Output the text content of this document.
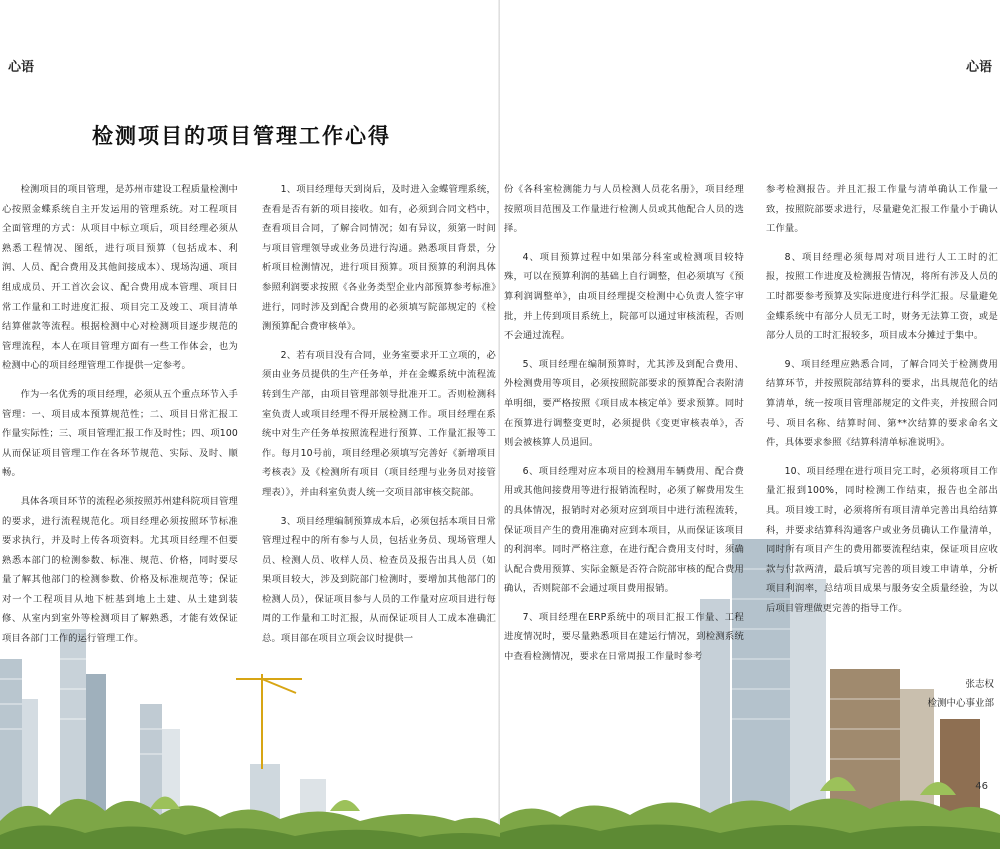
心语
检测项目的项目管理工作心得

检测项目的项目管理，是苏州市建设工程质量检测中心按照金蝶系统自主开发运用的管理系统。对工程项目全面管理的方式：从项目中标立项后，项目经理必须从熟悉工程情况、图纸，进行项目预算（包括成本、利润、人员、配合费用及其他间接成本）、现场沟通、项目组成成员、开工首次会议、配合费用成本管理、项目日常工作量和工时进度汇报、项目完工及竣工、项目清单结算催款等流程。根据检测中心对检测项目逐步规范的管理流程，本人在项目管理方面有一些工作体会，也为检测中心的项目经理管理工作提供一定参考。

作为一名优秀的项目经理，必须从五个重点环节入手管理：一、项目成本预算规范性；二、项目日常汇报工作量实际性；三、项目管理汇报工作及时性；四、项100从而保证项目管理工作在各环节规范、实际、及时、顺畅。

具体各项目环节的流程必须按照苏州建科院项目管理的要求，进行流程规范化。项目经理必须按照环节标准要求执行，并及时上传各项资料。尤其项目经理不但要熟悉本部门的检测参数、标准、规范、价格，同时要尽量了解其他部门的检测参数、价格及标准规范等；保证对一个工程项目从地下桩基到地上土建、从土建到装修、从室内到室外等检测项目了解熟悉，才能有效保证项目各部门工作的运行管理工作。

1、项目经理每天到岗后，及时进入金蝶管理系统，查看是否有新的项目接收。如有，必须到合同文档中，查看项目合同，了解合同情况；如有异议，须第一时间与项目管理领导或业务员进行沟通。熟悉项目背景，分析项目检测情况，进行项目预算。项目预算的利润具体参照利润要求按照《各业务类型企业内部预算参考标准》进行，同时涉及到配合费用的必须填写院部规定的《检测预算配合费审核单》。

2、若有项目没有合同，业务室要求开工立项的，必须由业务员提供的生产任务单，并在金蝶系统中流程流转到生产部，由项目管理部领导批准开工。否则检测科室负责人或项目经理不得开展检测工作。项目经理在系统中对生产任务单按照流程进行预算、工作量汇报等工作。每月10号前，项目经理必须填写完善好《新增项目考核表》及《检测所有项目（项目经理与业务员对接管理表）》，并由科室负责人统一交项目部审核交院部。

3、项目经理编制预算成本后，必须包括本项目日常管理过程中的所有参与人员，包括业务员、现场管理人员、检测人员、收样人员、检查员及报告出具人员（如果项目较大，涉及到院部门检测时，要增加其他部门的检测人员），保证项目参与人员的工作量对应项目进行每周的工作量和工时汇报，从而保证项目人工成本准确汇总。项目部在项目立项会议时提供一

心语

份《各科室检测能力与人员检测人员花名册》，项目经理按照项目范围及工作量进行检测人员或其他配合人员的选择。

4、项目预算过程中如果部分科室或检测项目较特殊，可以在预算利润的基础上自行调整，但必须填写《预算利润调整单》，由项目经理提交检测中心负责人签字审批，并上传到项目系统上，院部可以通过审核流程，否则不会通过流程。

5、项目经理在编制预算时，尤其涉及到配合费用、外检测费用等项目，必须按照院部要求的预算配合表附清单明细，要严格按照《项目成本核定单》要求预算。同时在预算进行调整变更时，必须提供《变更审核表单》，否则会被核算人员退回。

6、项目经理对应本项目的检测用车辆费用、配合费用或其他间接费用等进行报销流程时，必须了解费用发生的具体情况，报销时对必须对应到项目中进行流程流转，保证项目产生的费用准确对应到本项目，从而保证该项目的利润率。同时严格注意，在进行配合费用支付时，须确认配合费用预算、实际金额是否符合院部审核的配合费用确认，否则院部不会通过项目费用报销。

7、项目经理在ERP系统中的项目汇报工作量、工程进度情况时，要尽量熟悉项目在建运行情况，到检测系统中查看检测情况，要求在日常周报工作量时参考

参考检测报告。并且汇报工作量与清单确认工作量一致，按照院部要求进行，尽量避免汇报工作量小于确认工作量。

8、项目经理必须每周对项目进行人工工时的汇报，按照工作进度及检测报告情况，将所有涉及人员的工时都要参考预算及实际进度进行科学汇报。尽量避免金蝶系统中有部分人员无工时，财务无法算工资，或是部分人员的工时汇报较多，项目成本分摊过于集中。

9、项目经理应熟悉合同，了解合同关于检测费用结算环节，并按照院部结算科的要求，出具规范化的结算清单，统一按项目管理部规定的文件夹，并按照合同号、项目名称、结算时间、第**次结算的要求命名文件，具体要求参照《结算科清单标准说明》。

10、项目经理在进行项目完工时，必须将项目工作量汇报到100%，同时检测工作结束，报告也全部出具。项目竣工时，必须将所有项目清单完善出具给结算科，并要求结算科沟通客户或业务员确认工作量清单，同时所有项目产生的费用都要流程结束，保证项目应收款与付款两清，最后填写完善的项目竣工申请单，分析项目利润率，总结项目成果与服务安全质量经验，为以后项目管理做更完善的指导工作。

张志权
检测中心事业部
46
